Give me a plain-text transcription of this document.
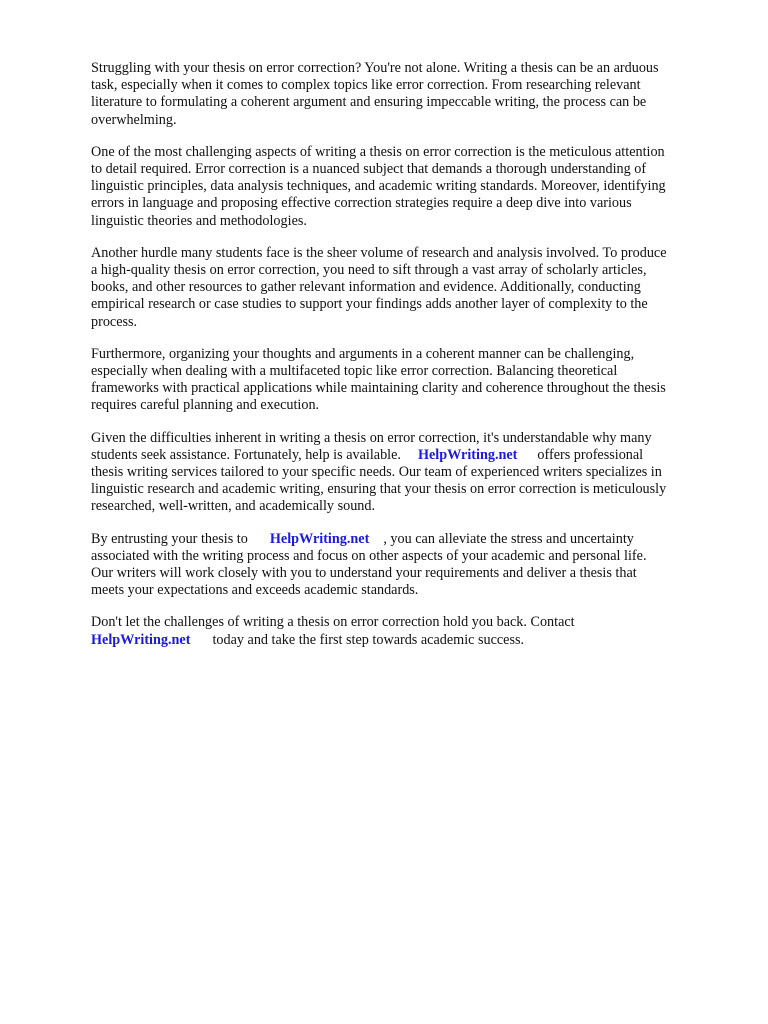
Struggling with your thesis on error correction? You're not alone. Writing a thesis can be an arduous
task, especially when it comes to complex topics like error correction. From researching relevant
literature to formulating a coherent argument and ensuring impeccable writing, the process can be
overwhelming.

One of the most challenging aspects of writing a thesis on error correction is the meticulous attention
to detail required. Error correction is a nuanced subject that demands a thorough understanding of
linguistic principles, data analysis techniques, and academic writing standards. Moreover, identifying
errors in language and proposing effective correction strategies require a deep dive into various
linguistic theories and methodologies.

Another hurdle many students face is the sheer volume of research and analysis involved. To produce
a high-quality thesis on error correction, you need to sift through a vast array of scholarly articles,
books, and other resources to gather relevant information and evidence. Additionally, conducting
empirical research or case studies to support your findings adds another layer of complexity to the
process.

Furthermore, organizing your thoughts and arguments in a coherent manner can be challenging,
especially when dealing with a multifaceted topic like error correction. Balancing theoretical
frameworks with practical applications while maintaining clarity and coherence throughout the thesis
requires careful planning and execution.

Given the difficulties inherent in writing a thesis on error correction, it's understandable why many
students seek assistance. Fortunately, help is available. HelpWriting.net offers professional
thesis writing services tailored to your specific needs. Our team of experienced writers specializes in
linguistic research and academic writing, ensuring that your thesis on error correction is meticulously
researched, well-written, and academically sound.

By entrusting your thesis to HelpWriting.net , you can alleviate the stress and uncertainty
associated with the writing process and focus on other aspects of your academic and personal life.
Our writers will work closely with you to understand your requirements and deliver a thesis that
meets your expectations and exceeds academic standards.

Don't let the challenges of writing a thesis on error correction hold you back. Contact
HelpWriting.net today and take the first step towards academic success.
